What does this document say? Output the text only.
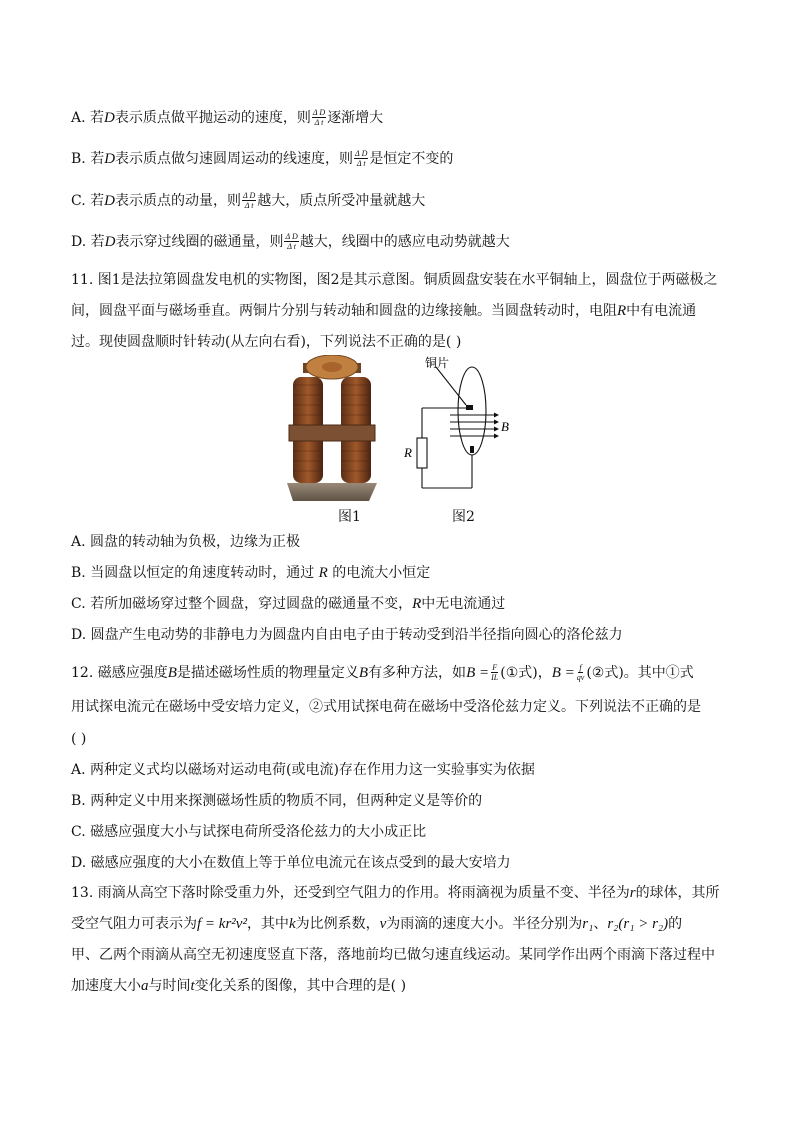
A. 若D表示质点做平抛运动的速度，则 $\frac{\text{Δ D}}{\text{Δ t}}$ 逐渐增大
B. 若D表示质点做匀速圆周运动的线速度，则 $\frac{\text{Δ D}}{\text{Δ t}}$ 是恒定不变的
C. 若D表示质点的动量，则 $\frac{\text{Δ D}}{\text{Δ t}}$ 越大，质点所受冲量就越大
D. 若D表示穿过线圈的磁通量，则 $\frac{\text{Δ D}}{\text{Δ t}}$ 越大，线圈中的感应电动势就越大
11. 图1是法拉第圆盘发电机的实物图，图2是其示意图。铜质圆盘安装在水平铜轴上，圆盘位于两磁极之
间，圆盘平面与磁场垂直。两铜片分别与转动轴和圆盘的边缘接触。当圆盘转动时，电阻R中有电流通
过。现使圆盘顺时针转动(从左向右看)，下列说法不正确的是( )
铜片
B
R
图1	图2
A. 圆盘的转动轴为负极，边缘为正极
B. 当圆盘以恒定的角速度转动时，通过 R 的电流大小恒定
C. 若所加磁场穿过整个圆盘，穿过圆盘的磁通量不变，R中无电流通过
D. 圆盘产生电动势的非静电力为圆盘内自由电子由于转动受到沿半径指向圆心的洛伦兹力
12. 磁感应强度B是描述磁场性质的物理量定义B有多种方法，如$B = \frac{F}{IL}$ (①式)，$B = \frac{f}{qv}$ (②式)。其中①式
用试探电流元在磁场中受安培力定义，②式用试探电荷在磁场中受洛伦兹力定义。下列说法不正确的是
( )
A. 两种定义式均以磁场对运动电荷(或电流)存在作用力这一实验事实为依据
B. 两种定义中用来探测磁场性质的物质不同，但两种定义是等价的
C. 磁感应强度大小与试探电荷所受洛伦兹力的大小成正比
D. 磁感应强度的大小在数值上等于单位电流元在该点受到的最大安培力
13. 雨滴从高空下落时除受重力外，还受到空气阻力的作用。将雨滴视为质量不变、半径为r的球体，其所
受空气阻力可表示为f = kr²v²，其中k为比例系数，v为雨滴的速度大小。半径分别为r₁、r₂(r₁ > r₂)的
甲、乙两个雨滴从高空无初速度竖直下落，落地前均已做匀速直线运动。某同学作出两个雨滴下落过程中
加速度大小a与时间t变化关系的图像，其中合理的是( )
